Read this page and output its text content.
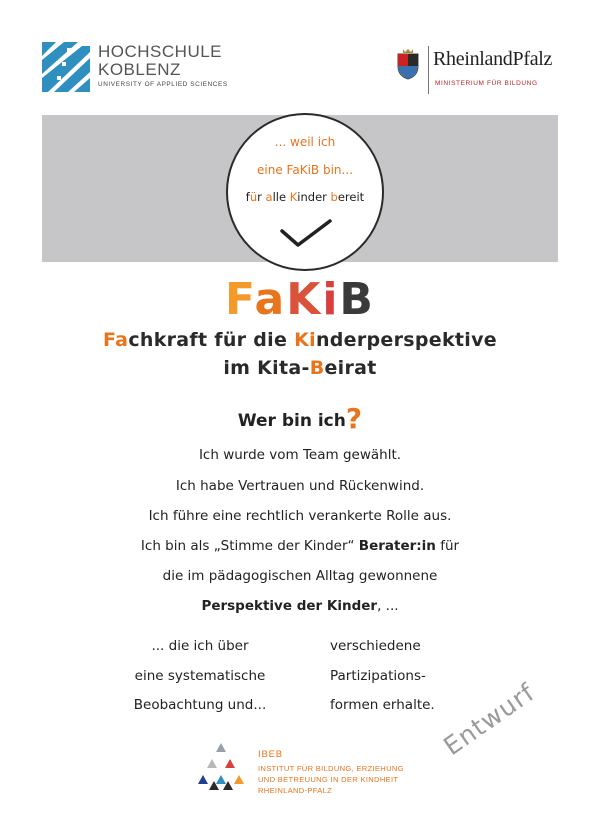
HOCHSCHULE
KOBLENZ
UNIVERSITY OF APPLIED SCIENCES
RheinlandPfalz
MINISTERIUM FÜR BILDUNG
... weil ich
eine FaKiB bin...
für alle Kinder bereit
FaKiB
Fachkraft für die Kinderperspektive
im Kita-Beirat
Wer bin ich?
Ich wurde vom Team gewählt.
Ich habe Vertrauen und Rückenwind.
Ich führe eine rechtlich verankerte Rolle aus.
Ich bin als „Stimme der Kinder“ Berater:in für
die im pädagogischen Alltag gewonnene
Perspektive der Kinder, ...
... die ich über
eine systematische
Beobachtung und...
verschiedene
Partizipations-
formen erhalte.
IBEB
INSTITUT FÜR BILDUNG, ERZIEHUNG
UND BETREUUNG IN DER KINDHEIT
RHEINLAND-PFALZ
Entwurf
